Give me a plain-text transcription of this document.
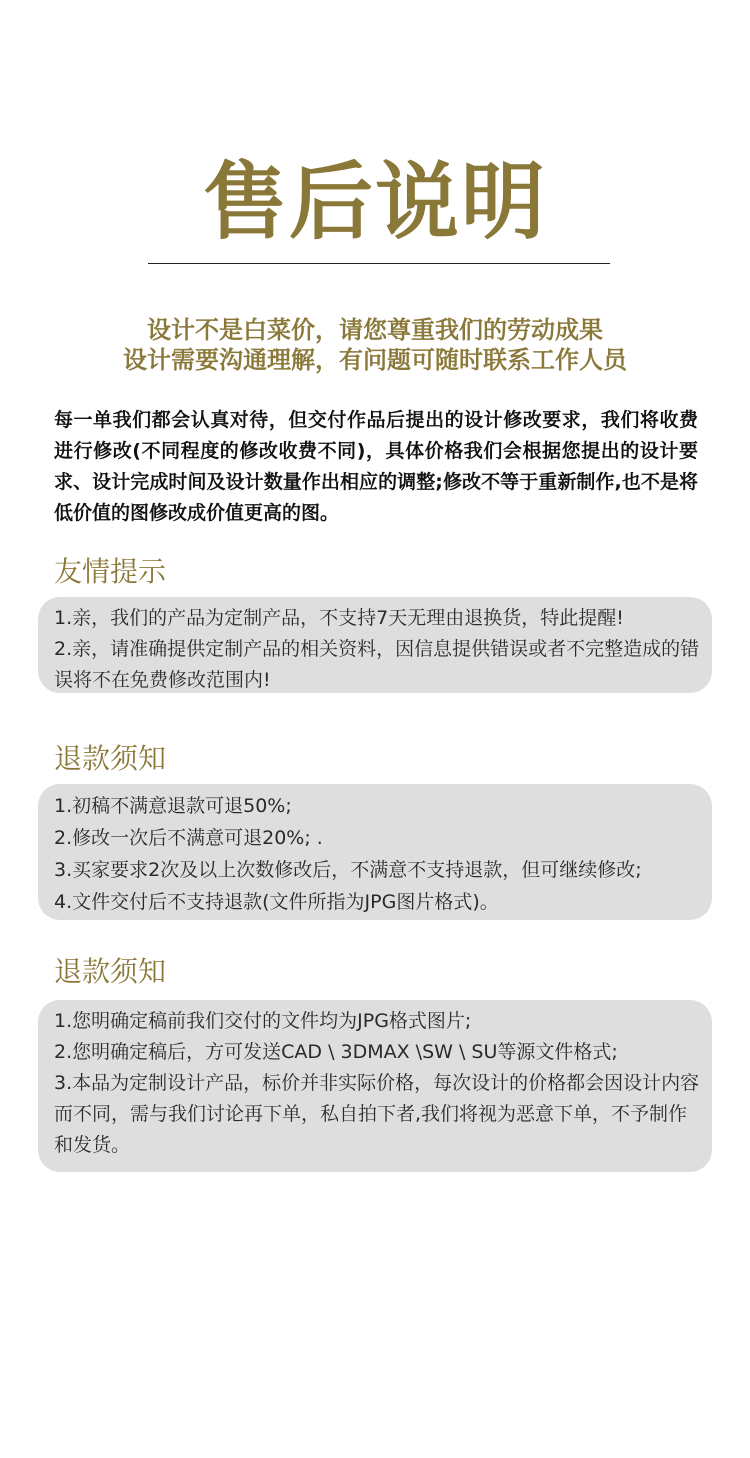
售后说明
设计不是白菜价，请您尊重我们的劳动成果
设计需要沟通理解，有问题可随时联系工作人员
每一单我们都会认真对待，但交付作品后提出的设计修改要求，我们将收费进行修改(不同程度的修改收费不同)，具体价格我们会根据您提出的设计要求、设计完成时间及设计数量作出相应的调整;修改不等于重新制作,也不是将低价值的图修改成价值更高的图。
友情提示
1.亲，我们的产品为定制产品，不支持7天无理由退换货，特此提醒!
2.亲，请准确提供定制产品的相关资料，因信息提供错误或者不完整造成的错误将不在免费修改范围内!
退款须知
1.初稿不满意退款可退50%;
2.修改一次后不满意可退20%; .
3.买家要求2次及以上次数修改后，不满意不支持退款，但可继续修改;
4.文件交付后不支持退款(文件所指为JPG图片格式)。
退款须知
1.您明确定稿前我们交付的文件均为JPG格式图片;
2.您明确定稿后，方可发送CAD \ 3DMAX \SW \ SU等源文件格式;
3.本品为定制设计产品，标价并非实际价格，每次设计的价格都会因设计内容而不同，需与我们讨论再下单，私自拍下者,我们将视为恶意下单，不予制作和发货。
